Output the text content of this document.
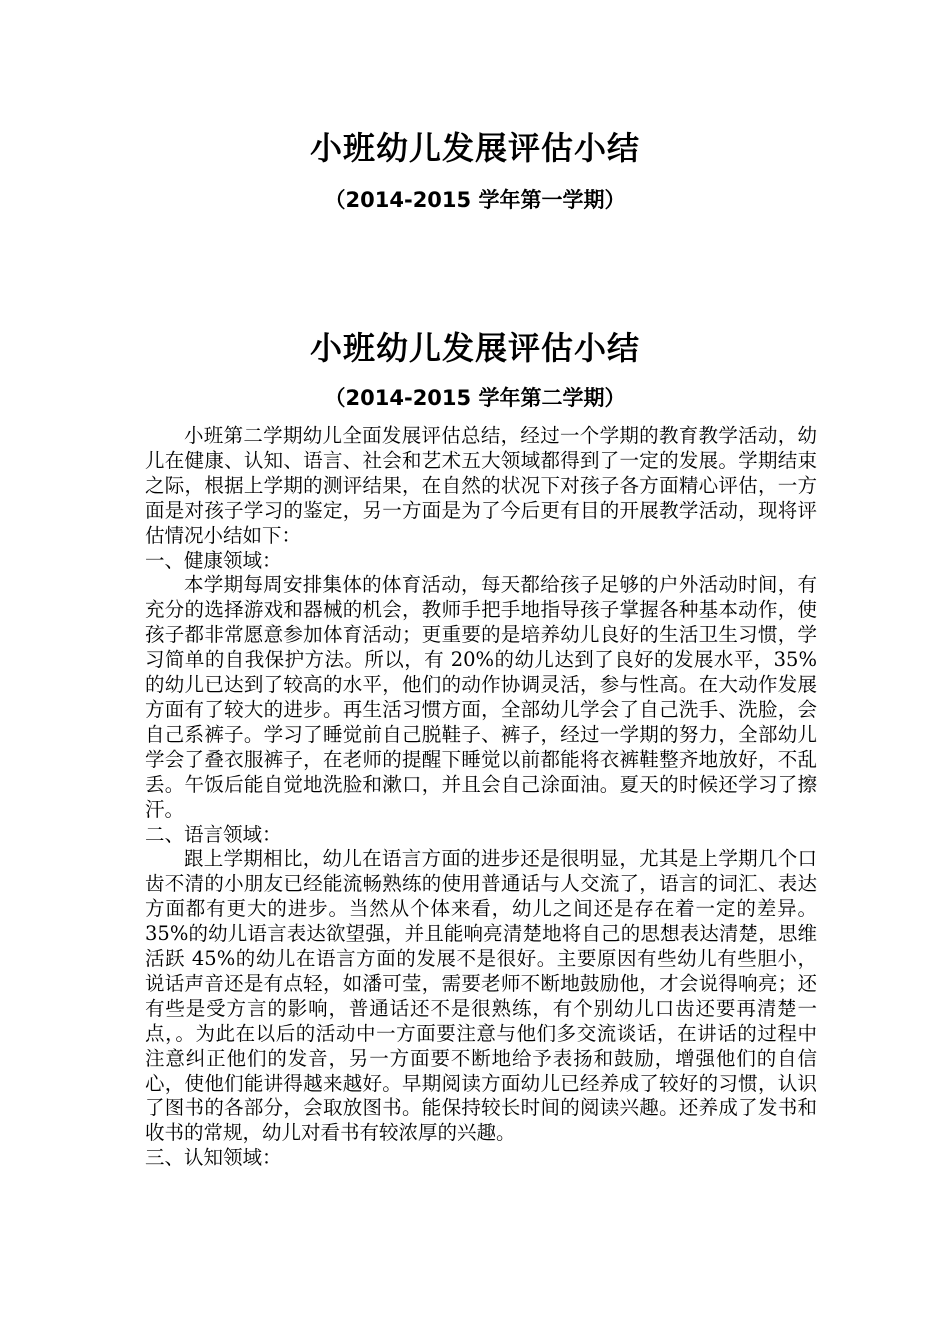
小班幼儿发展评估小结
（2014-2015 学年第一学期）
小班幼儿发展评估小结
（2014-2015 学年第二学期）

小班第二学期幼儿全面发展评估总结，经过一个学期的教育教学活动，幼儿在健康、认知、语言、社会和艺术五大领域都得到了一定的发展。学期结束之际，根据上学期的测评结果，在自然的状况下对孩子各方面精心评估，一方面是对孩子学习的鉴定，另一方面是为了今后更有目的开展教学活动，现将评估情况小结如下：

一、健康领域：

本学期每周安排集体的体育活动，每天都给孩子足够的户外活动时间，有充分的选择游戏和器械的机会，教师手把手地指导孩子掌握各种基本动作，使孩子都非常愿意参加体育活动；更重要的是培养幼儿良好的生活卫生习惯，学习简单的自我保护方法。所以，有 20%的幼儿达到了良好的发展水平，35%的幼儿已达到了较高的水平，他们的动作协调灵活，参与性高。在大动作发展方面有了较大的进步。再生活习惯方面，全部幼儿学会了自己洗手、洗脸，会自己系裤子。学习了睡觉前自己脱鞋子、裤子，经过一学期的努力，全部幼儿学会了叠衣服裤子，在老师的提醒下睡觉以前都能将衣裤鞋整齐地放好，不乱丢。午饭后能自觉地洗脸和漱口，并且会自己涂面油。夏天的时候还学习了擦汗。

二、语言领域：

跟上学期相比，幼儿在语言方面的进步还是很明显，尤其是上学期几个口齿不清的小朋友已经能流畅熟练的使用普通话与人交流了，语言的词汇、表达方面都有更大的进步。当然从个体来看，幼儿之间还是存在着一定的差异。35%的幼儿语言表达欲望强，并且能响亮清楚地将自己的思想表达清楚，思维活跃 45%的幼儿在语言方面的发展不是很好。主要原因有些幼儿有些胆小，说话声音还是有点轻，如潘可莹，需要老师不断地鼓励他，才会说得响亮；还有些是受方言的影响，普通话还不是很熟练，有个别幼儿口齿还要再清楚一点，。为此在以后的活动中一方面要注意与他们多交流谈话，在讲话的过程中注意纠正他们的发音，另一方面要不断地给予表扬和鼓励，增强他们的自信心，使他们能讲得越来越好。早期阅读方面幼儿已经养成了较好的习惯，认识了图书的各部分，会取放图书。能保持较长时间的阅读兴趣。还养成了发书和收书的常规，幼儿对看书有较浓厚的兴趣。

三、认知领域：
